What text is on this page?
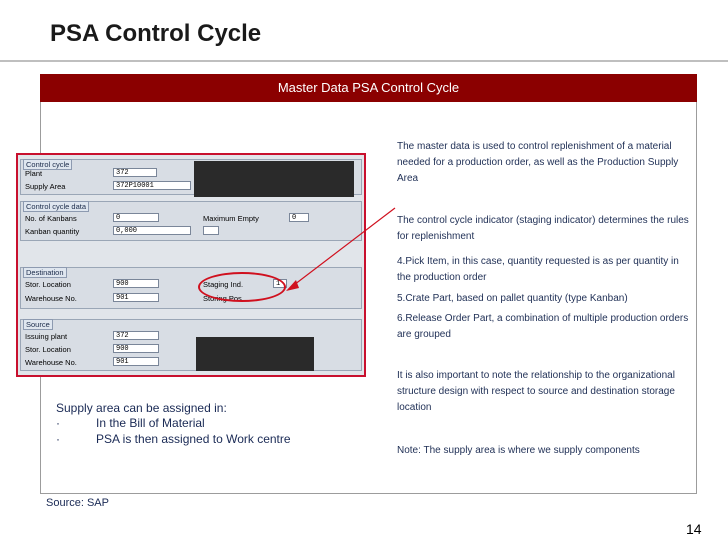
PSA Control Cycle
Master Data PSA Control Cycle
Control cycle
Plant	372
Supply Area	372P10001
Control cycle data
No. of Kanbans	0	Maximum Empty	0
Kanban quantity	0,000
Destination
Stor. Location	900	Staging Ind.	1
Warehouse No.	901	Storing Pos.
Source
Issuing plant	372
Stor. Location	900
Warehouse No.	901
The master data is used to control replenishment of a material needed for a production order, as well as the Production Supply Area
The control cycle indicator (staging indicator) determines the rules for replenishment
4.Pick Item, in this case, quantity requested is as per quantity in the production order
5.Crate Part, based on pallet quantity (type Kanban)
6.Release Order Part, a combination of multiple production orders are grouped
It is also important to note the relationship to the organizational structure design with respect to source and destination storage location
Note: The supply area is where we supply components
Supply area can be assigned in:
·	In the Bill of Material
·	PSA is then assigned to Work centre
Source: SAP
14
